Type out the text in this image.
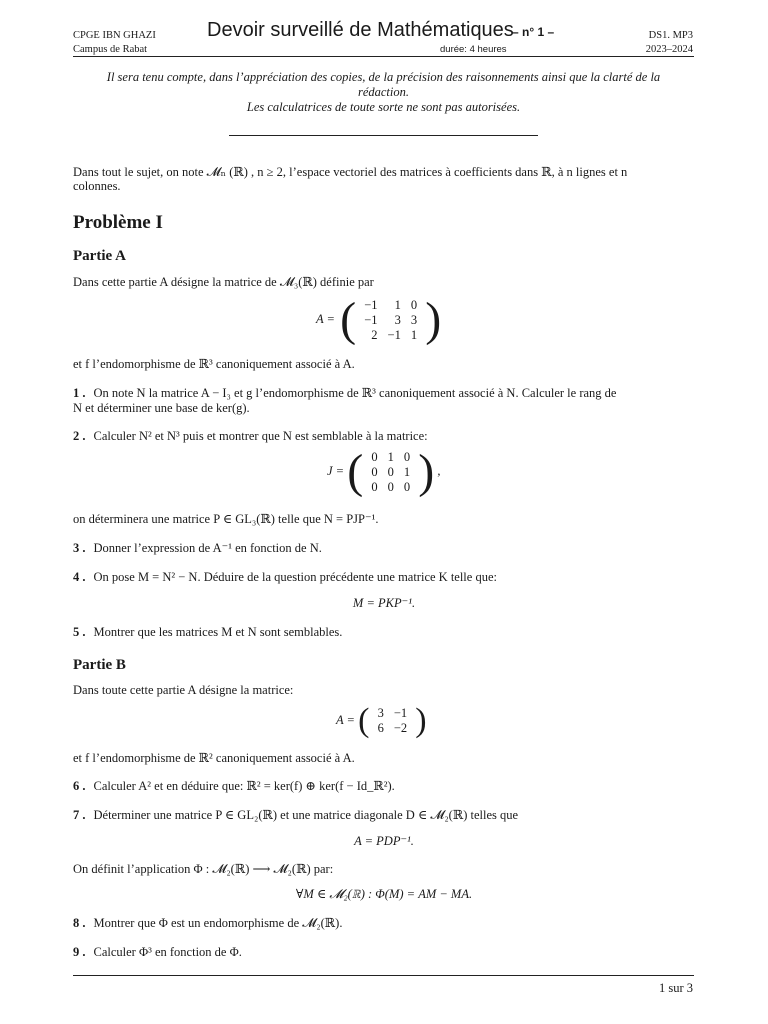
CPGE IBN GHAZI
Campus de Rabat
Devoir surveillé de Mathématiques
– n° 1 –
durée: 4 heures
DS1. MP3
2023–2024
Il sera tenu compte, dans l’appréciation des copies, de la précision des raisonnements ainsi que la clarté de la
rédaction.
Les calculatrices de toute sorte ne sont pas autorisées.
Dans tout le sujet, on note 𝓜ₙ (ℝ) , n ≥ 2, l’espace vectoriel des matrices à coefficients dans ℝ, à n lignes et n
colonnes.
Problème I
Partie A
Dans cette partie A désigne la matrice de 𝓜₃(ℝ) définie par
A = ( −1	1	0
−1	3	3
2	−1	1 )
et f l’endomorphisme de ℝ³ canoniquement associé à A.
1 . On note N la matrice A − I₃ et g l’endomorphisme de ℝ³ canoniquement associé à N. Calculer le rang de
N et déterminer une base de ker(g).
2 . Calculer N² et N³ puis et montrer que N est semblable à la matrice:
J = ( 0	1	0
0	0	1
0	0	0 ) ,
on déterminera une matrice P ∈ GL₃(ℝ) telle que N = PJP⁻¹.
3 . Donner l’expression de A⁻¹ en fonction de N.
4 . On pose M = N² − N. Déduire de la question précédente une matrice K telle que:
M = PKP⁻¹.
5 . Montrer que les matrices M et N sont semblables.
Partie B
Dans toute cette partie A désigne la matrice:
A = ( 3	−1
6	−2 )
et f l’endomorphisme de ℝ² canoniquement associé à A.
6 . Calculer A² et en déduire que: ℝ² = ker(f) ⊕ ker(f − Id_ℝ²).
7 . Déterminer une matrice P ∈ GL₂(ℝ) et une matrice diagonale D ∈ 𝓜₂(ℝ) telles que
A = PDP⁻¹.
On définit l’application Φ : 𝓜₂(ℝ) ⟶ 𝓜₂(ℝ) par:
∀M ∈ 𝓜₂(ℝ) : Φ(M) = AM − MA.
8 . Montrer que Φ est un endomorphisme de 𝓜₂(ℝ).
9 . Calculer Φ³ en fonction de Φ.
1 sur 3
